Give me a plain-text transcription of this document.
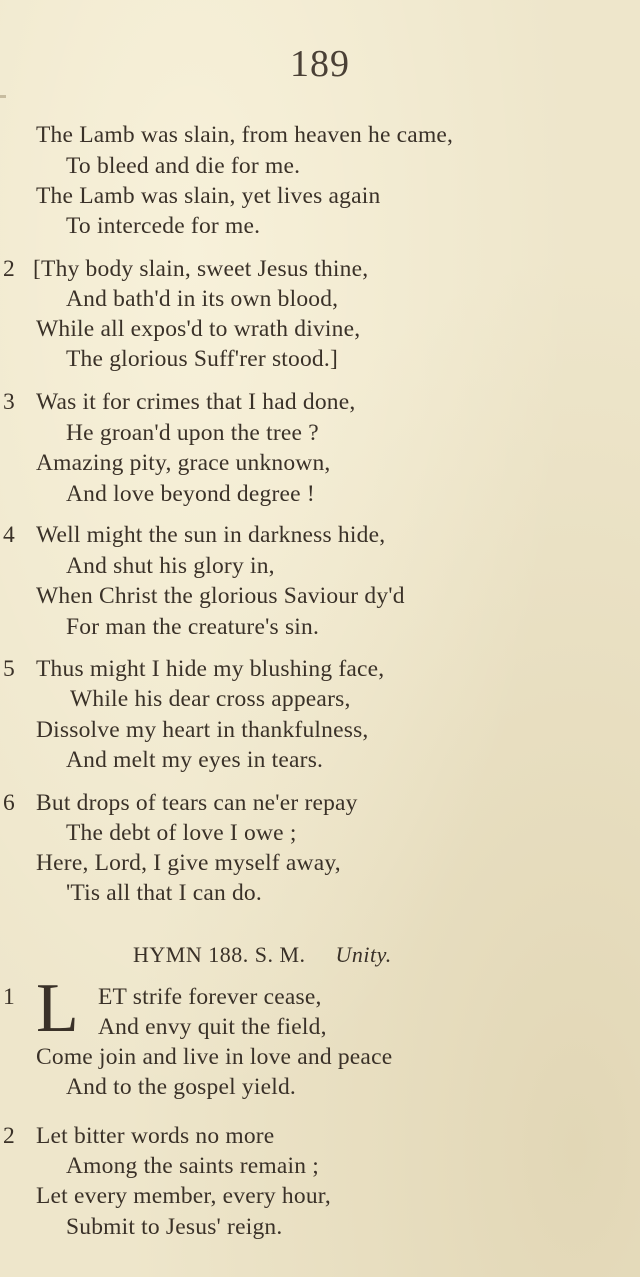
189
The Lamb was slain, from heaven he came,
To bleed and die for me.
The Lamb was slain, yet lives again
To intercede for me.
2 [Thy body slain, sweet Jesus thine,
And bath'd in its own blood,
While all expos'd to wrath divine,
The glorious Suff'rer stood.]
3 Was it for crimes that I had done,
He groan'd upon the tree ?
Amazing pity, grace unknown,
And love beyond degree !
4 Well might the sun in darkness hide,
And shut his glory in,
When Christ the glorious Saviour dy'd
For man the creature's sin.
5 Thus might I hide my blushing face,
While his dear cross appears,
Dissolve my heart in thankfulness,
And melt my eyes in tears.
6 But drops of tears can ne'er repay
The debt of love I owe ;
Here, Lord, I give myself away,
'Tis all that I can do.
HYMN 188. S. M. Unity.
1 L ET strife forever cease,
And envy quit the field,
Come join and live in love and peace
And to the gospel yield.
2 Let bitter words no more
Among the saints remain ;
Let every member, every hour,
Submit to Jesus' reign.
